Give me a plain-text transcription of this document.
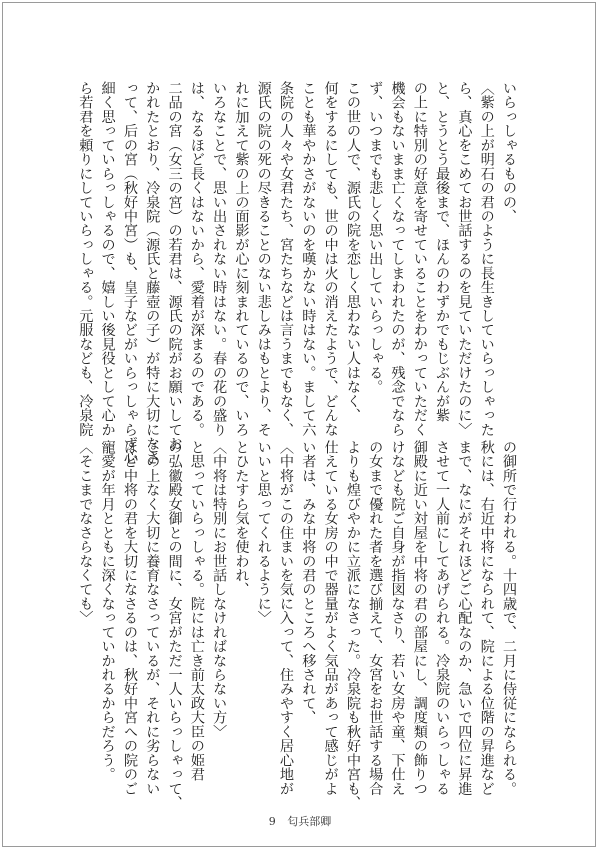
いらっしゃるものの、
〈紫の上が明石の君のように長生きしていらっしゃった
ら、真心をこめてお世話するのを見ていただけたのに〉
と、とうとう最後まで、ほんのわずかでもじぶんが紫
の上に特別の好意を寄せていることをわかっていただく
機会もないまま亡くなってしまわれたのが、残念でなら
ず、いつまでも悲しく思い出していらっしゃる。
この世の人で、源氏の院を恋しく思わない人はなく、
何をするにしても、世の中は火の消えたようで、どんな
ことも華やかさがないのを嘆かない時はない。まして六
条院の人々や女君たち、宮たちなどは言うまでもなく、
源氏の院の死の尽きることのない悲しみはもとより、そ
れに加えて紫の上の面影が心に刻まれているので、いろ
いろなことで、思い出されない時はない。春の花の盛り
は、なるほど長くはないから、愛着が深まるのである。
二品の宮（女三の宮）の若君は、源氏の院がお願いしてお
かれたとおり、冷泉院（源氏と藤壺の子）が特に大切になさ
って、后の宮（秋好中宮）も、皇子などがいらっしゃらず心
細く思っていらっしゃるので、嬉しい後見役として心か
ら若君を頼りにしていらっしゃる。元服なども、冷泉院
の御所で行われる。十四歳で、二月に侍従になられる。
秋には、右近中将になられて、院による位階の昇進など
まで、なにがそれほどご心配なのか、急いで四位に昇進
させて一人前にしてあげられる。冷泉院のいらっしゃる
御殿に近い対屋を中将の君の部屋にし、調度類の飾りつ
けなども院ご自身が指図なさり、若い女房や童、下仕え
の女まで優れた者を選び揃えて、女宮をお世話する場合
よりも煌びやかに立派になさった。冷泉院も秋好中宮も、
仕えている女房の中で器量がよく気品があって感じがよ
い者は、みな中将の君のところへ移されて、
〈中将がこの住まいを気に入って、住みやすく居心地が
いいと思ってくれるように〉
とひたすら気を使われ、
〈中将は特別にお世話しなければならない方〉
と思っていらっしゃる。院には亡き前太政大臣の姫君
の弘徽殿女御との間に、女宮がただ一人いらっしゃって、
この上なく大切に養育なさっているが、それに劣らない
ほど中将の君を大切になさるのは、秋好中宮への院のご
寵愛が年月とともに深くなっていかれるからだろう。
〈そこまでなさらなくても〉
9 匂兵部卿
